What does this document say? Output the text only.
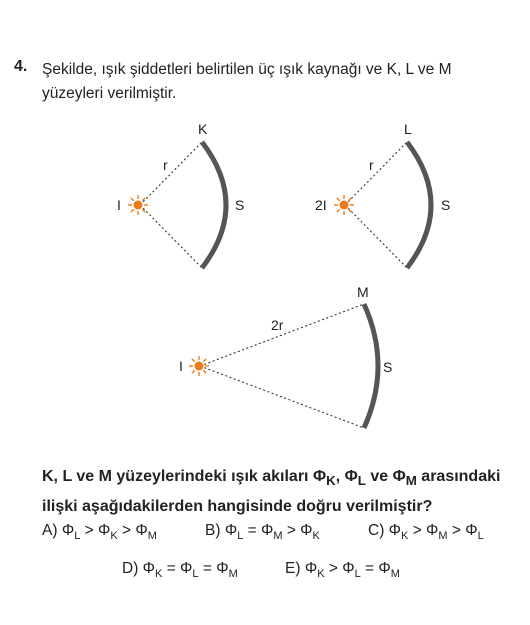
4. Şekilde, ışık şiddetleri belirtilen üç ışık kaynağı ve K, L ve M yüzeyleri verilmiştir.
I
r
K
S	2I
r
L
S
I
2r
M
S
K, L ve M yüzeylerindeki ışık akıları $\Phi_K$, $\Phi_L$ ve $\Phi_M$ arasındaki
ilişki aşağıdakilerden hangisinde doğru verilmiştir?
A) $\Phi_L > \Phi_K > \Phi_M$	B) $\Phi_L = \Phi_M > \Phi_K$	C) $\Phi_K > \Phi_M > \Phi_L$
D) $\Phi_K = \Phi_L = \Phi_M$	E) $\Phi_K > \Phi_L = \Phi_M$
